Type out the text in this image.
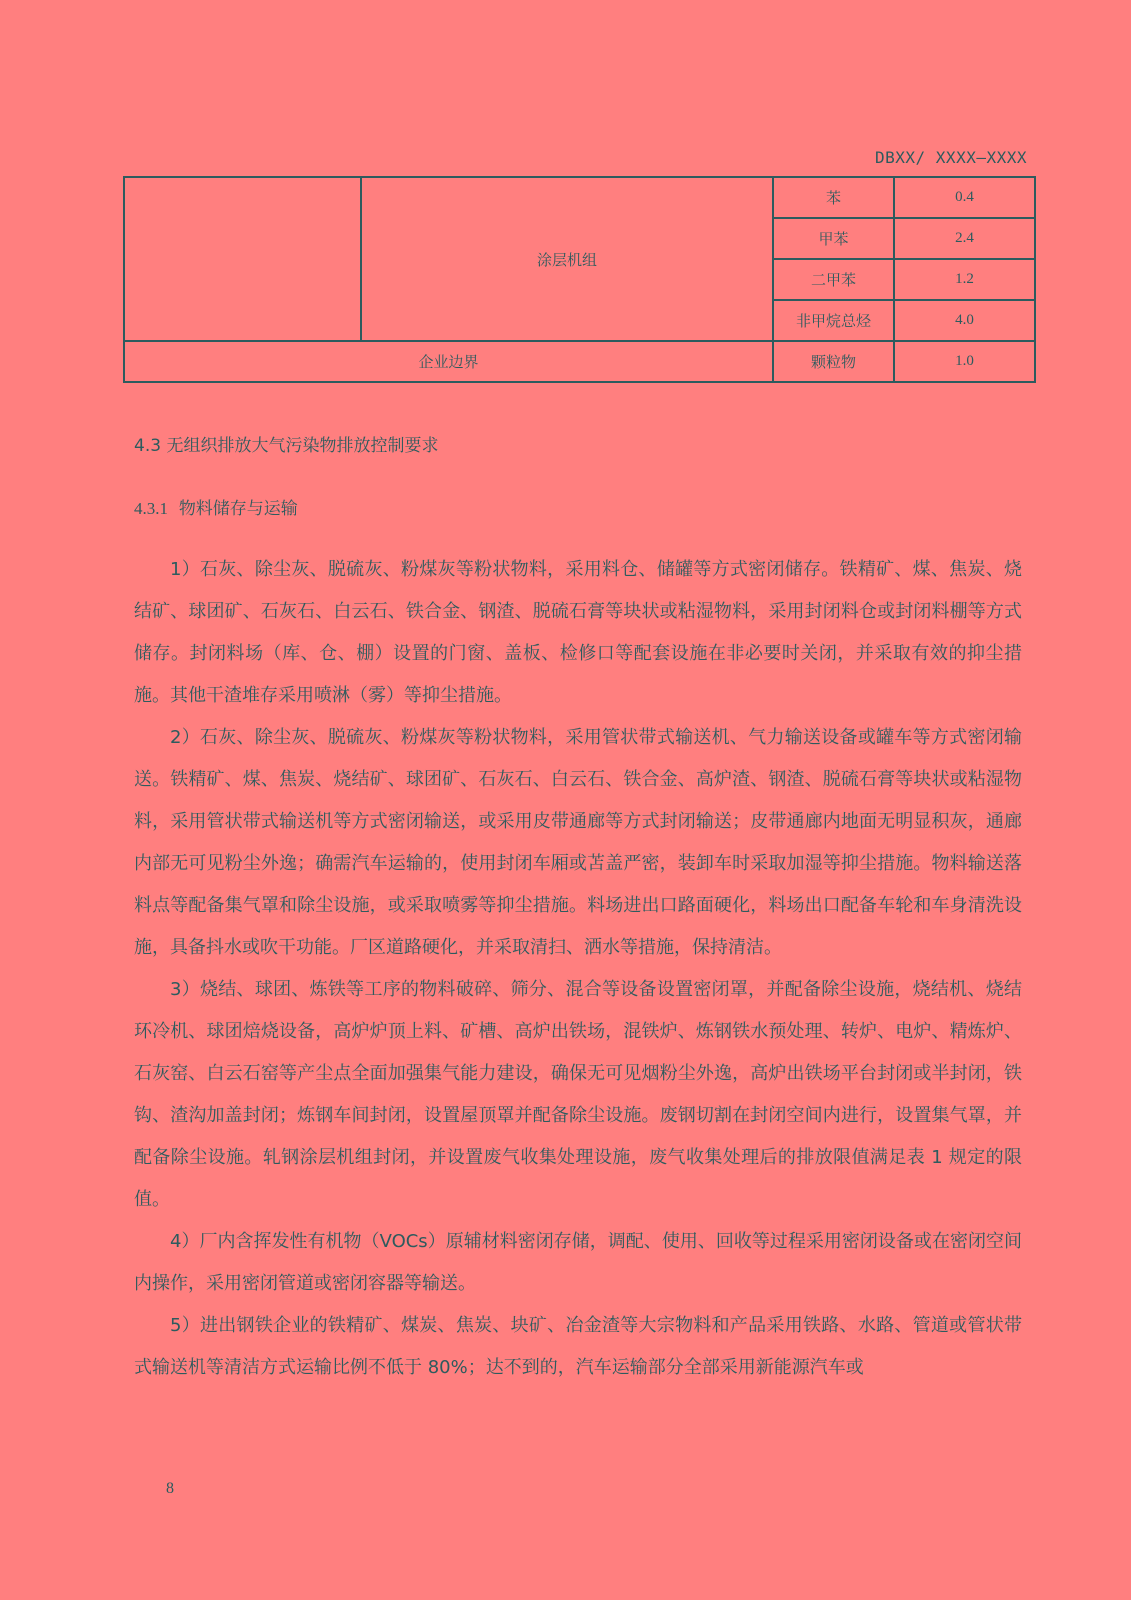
DBXX/ XXXX—XXXX
	涂层机组	苯	0.4
		甲苯	2.4
		二甲苯	1.2
		非甲烷总烃	4.0
企业边界		颗粒物	1.0
4.3 无组织排放大气污染物排放控制要求
4.3.1 物料储存与运输

1）石灰、除尘灰、脱硫灰、粉煤灰等粉状物料，采用料仓、储罐等方式密闭储存。铁精矿、煤、焦炭、烧结矿、球团矿、石灰石、白云石、铁合金、钢渣、脱硫石膏等块状或粘湿物料，采用封闭料仓或封闭料棚等方式储存。封闭料场（库、仓、棚）设置的门窗、盖板、检修口等配套设施在非必要时关闭，并采取有效的抑尘措施。其他干渣堆存采用喷淋（雾）等抑尘措施。

2）石灰、除尘灰、脱硫灰、粉煤灰等粉状物料，采用管状带式输送机、气力输送设备或罐车等方式密闭输送。铁精矿、煤、焦炭、烧结矿、球团矿、石灰石、白云石、铁合金、高炉渣、钢渣、脱硫石膏等块状或粘湿物料，采用管状带式输送机等方式密闭输送，或采用皮带通廊等方式封闭输送；皮带通廊内地面无明显积灰，通廊内部无可见粉尘外逸；确需汽车运输的，使用封闭车厢或苫盖严密，装卸车时采取加湿等抑尘措施。物料输送落料点等配备集气罩和除尘设施，或采取喷雾等抑尘措施。料场进出口路面硬化，料场出口配备车轮和车身清洗设施，具备抖水或吹干功能。厂区道路硬化，并采取清扫、洒水等措施，保持清洁。

3）烧结、球团、炼铁等工序的物料破碎、筛分、混合等设备设置密闭罩，并配备除尘设施，烧结机、烧结环冷机、球团焙烧设备，高炉炉顶上料、矿槽、高炉出铁场，混铁炉、炼钢铁水预处理、转炉、电炉、精炼炉、石灰窑、白云石窑等产尘点全面加强集气能力建设，确保无可见烟粉尘外逸，高炉出铁场平台封闭或半封闭，铁钩、渣沟加盖封闭；炼钢车间封闭，设置屋顶罩并配备除尘设施。废钢切割在封闭空间内进行，设置集气罩，并配备除尘设施。轧钢涂层机组封闭，并设置废气收集处理设施，废气收集处理后的排放限值满足表 1 规定的限值。

4）厂内含挥发性有机物（VOCs）原辅材料密闭存储，调配、使用、回收等过程采用密闭设备或在密闭空间内操作，采用密闭管道或密闭容器等输送。

5）进出钢铁企业的铁精矿、煤炭、焦炭、块矿、冶金渣等大宗物料和产品采用铁路、水路、管道或管状带式输送机等清洁方式运输比例不低于 80%；达不到的，汽车运输部分全部采用新能源汽车或

8
